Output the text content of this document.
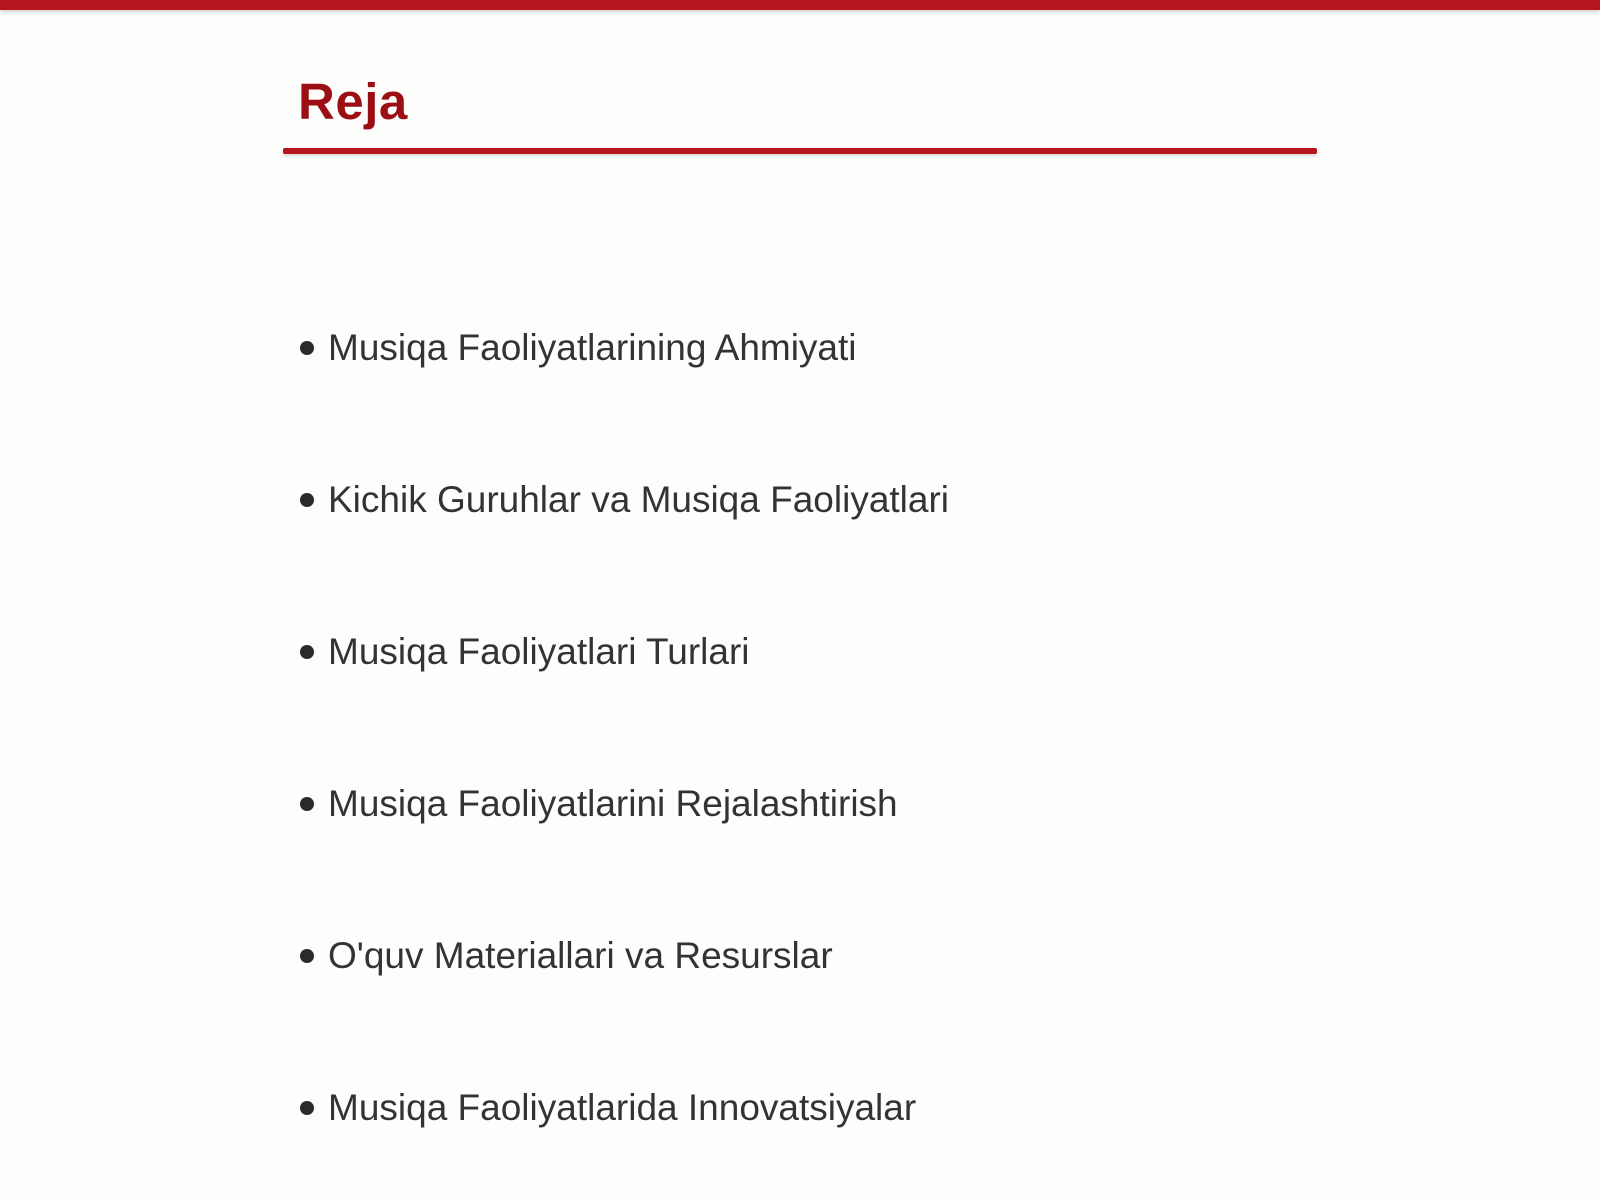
Reja
Musiqa Faoliyatlarining Ahmiyati
Kichik Guruhlar va Musiqa Faoliyatlari
Musiqa Faoliyatlari Turlari
Musiqa Faoliyatlarini Rejalashtirish
O'quv Materiallari va Resurslar
Musiqa Faoliyatlarida Innovatsiyalar
